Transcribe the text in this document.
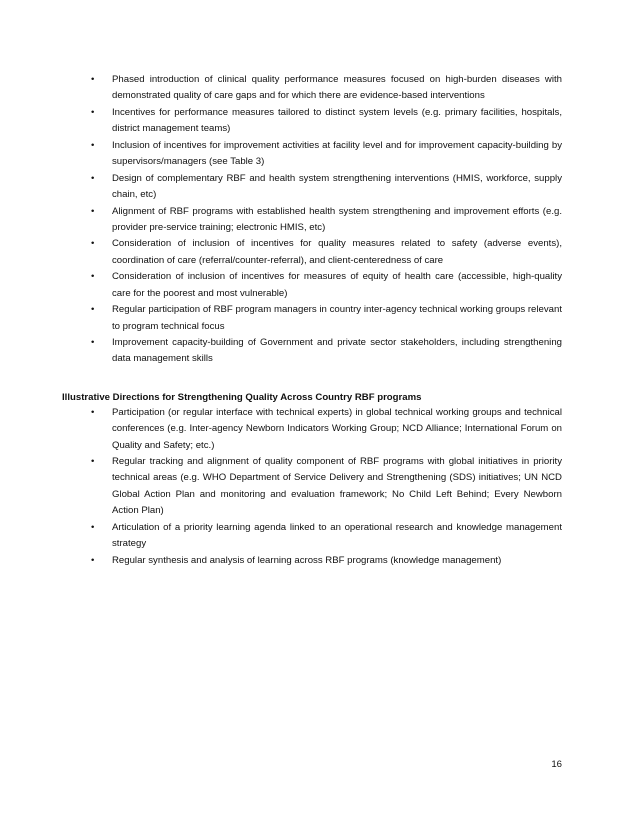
• Phased introduction of clinical quality performance measures focused on high-burden diseases with demonstrated quality of care gaps and for which there are evidence-based interventions
• Incentives for performance measures tailored to distinct system levels (e.g. primary facilities, hospitals, district management teams)
• Inclusion of incentives for improvement activities at facility level and for improvement capacity-building by supervisors/managers (see Table 3)
• Design of complementary RBF and health system strengthening interventions (HMIS, workforce, supply chain, etc)
• Alignment of RBF programs with established health system strengthening and improvement efforts (e.g. provider pre-service training; electronic HMIS, etc)
• Consideration of inclusion of incentives for quality measures related to safety (adverse events), coordination of care (referral/counter-referral), and client-centeredness of care
• Consideration of inclusion of incentives for measures of equity of health care (accessible, high-quality care for the poorest and most vulnerable)
• Regular participation of RBF program managers in country inter-agency technical working groups relevant to program technical focus
• Improvement capacity-building of Government and private sector stakeholders, including strengthening data management skills
Illustrative Directions for Strengthening Quality Across Country RBF programs
• Participation (or regular interface with technical experts) in global technical working groups and technical conferences (e.g. Inter-agency Newborn Indicators Working Group; NCD Alliance; International Forum on Quality and Safety; etc.)
• Regular tracking and alignment of quality component of RBF programs with global initiatives in priority technical areas (e.g. WHO Department of Service Delivery and Strengthening (SDS) initiatives; UN NCD Global Action Plan and monitoring and evaluation framework; No Child Left Behind; Every Newborn Action Plan)
• Articulation of a priority learning agenda linked to an operational research and knowledge management strategy
• Regular synthesis and analysis of learning across RBF programs (knowledge management)
16
